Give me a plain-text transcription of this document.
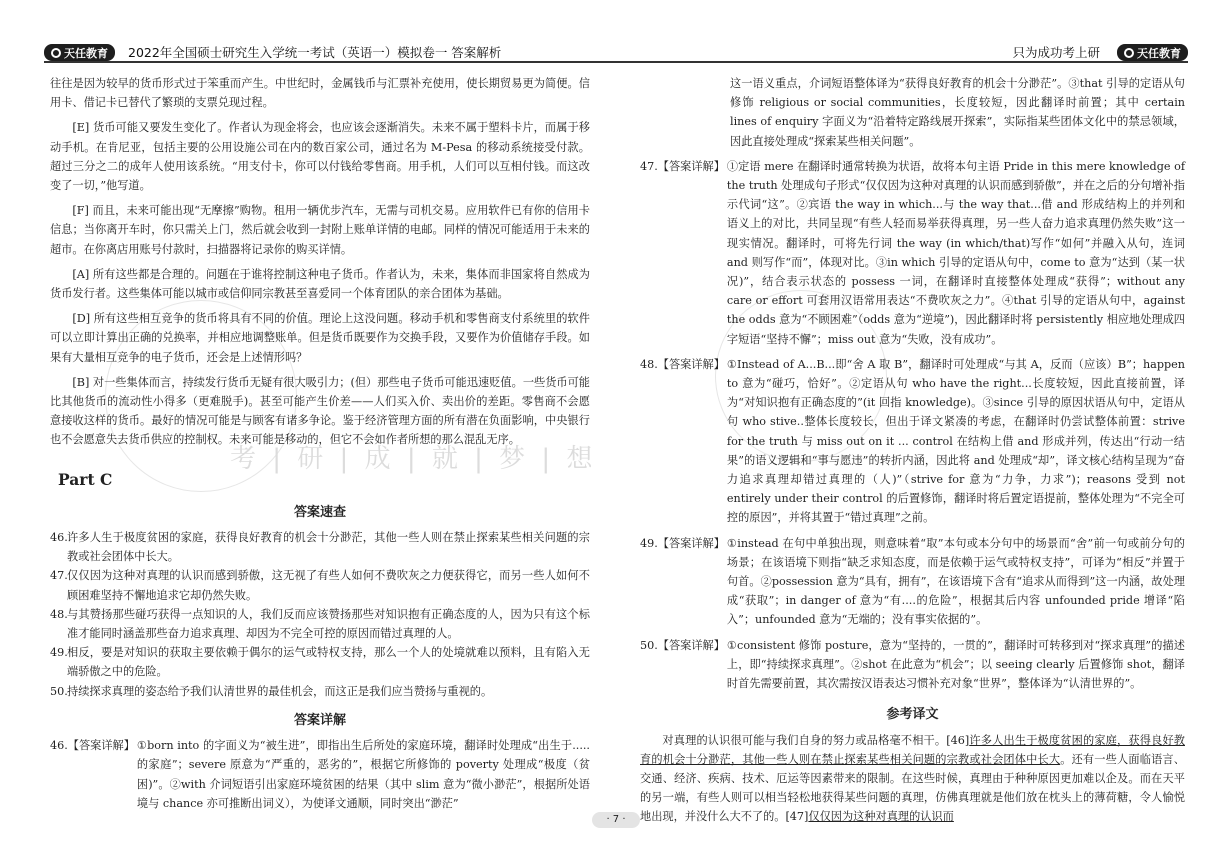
天任教育 2022年全国硕士研究生入学统一考试（英语一）模拟卷一 答案解析	只为成功考上研	天任教育
考 | 研 | 成 | 就 | 梦 | 想

往往是因为较早的货币形式过于笨重而产生。中世纪时，金属钱币与汇票补充使用，使长期贸易更为简便。信用卡、借记卡已替代了繁琐的支票兑现过程。

[E] 货币可能又要发生变化了。作者认为现金将会，也应该会逐渐消失。未来不属于塑料卡片，而属于移动手机。在肯尼亚，包括主要的公用设施公司在内的数百家公司，通过名为 M-Pesa 的移动系统接受付款。超过三分之二的成年人使用该系统。“用支付卡，你可以付钱给零售商。用手机，人们可以互相付钱。而这改变了一切，”他写道。

[F] 而且，未来可能出现“无摩擦”购物。租用一辆优步汽车，无需与司机交易。应用软件已有你的信用卡信息；当你离开车时，你只需关上门，然后就会收到一封附上账单详情的电邮。同样的情况可能适用于未来的超市。在你离店用账号付款时，扫描器将记录你的购买详情。

[A] 所有这些都是合理的。问题在于谁将控制这种电子货币。作者认为，未来，集体而非国家将自然成为货币发行者。这些集体可能以城市或信仰同宗教甚至喜爱同一个体育团队的亲合团体为基础。

[D] 所有这些相互竞争的货币将具有不同的价值。理论上这没问题。移动手机和零售商支付系统里的软件可以立即计算出正确的兑换率，并相应地调整账单。但是货币既要作为交换手段，又要作为价值储存手段。如果有大量相互竞争的电子货币，还会是上述情形吗？

[B] 对一些集体而言，持续发行货币无疑有很大吸引力；(但）那些电子货币可能迅速贬值。一些货币可能比其他货币的流动性小得多（更难脱手)。甚至可能产生价差——人们买入价、卖出价的差距。零售商不会愿意接收这样的货币。最好的情况可能是与顾客有诸多争论。鉴于经济管理方面的所有潜在负面影响，中央银行也不会愿意失去货币供应的控制权。未来可能是移动的，但它不会如作者所想的那么混乱无序。

Part C
答案速查
46. 许多人生于极度贫困的家庭，获得良好教育的机会十分渺茫，其他一些人则在禁止探索某些相关问题的宗教或社会团体中长大。
47. 仅仅因为这种对真理的认识而感到骄傲，这无视了有些人如何不费吹灰之力便获得它，而另一些人如何不顾困难坚持不懈地追求它却仍然失败。
48. 与其赞扬那些碰巧获得一点知识的人，我们反而应该赞扬那些对知识抱有正确态度的人，因为只有这个标准才能同时涵盖那些奋力追求真理、却因为不完全可控的原因而错过真理的人。
49. 相反，要是对知识的获取主要依赖于偶尔的运气或特权支持，那么一个人的处境就难以预料，且有陷入无端骄傲之中的危险。
50. 持续探求真理的姿态给予我们认清世界的最佳机会，而这正是我们应当赞扬与重视的。
答案详解
46.【答案详解】 ①born into 的字面义为“被生进”，即指出生后所处的家庭环境，翻译时处理成“出生于.....的家庭”；severe 原意为“严重的，恶劣的”，根据它所修饰的 poverty 处理成“极度（贫困)”。②with 介词短语引出家庭环境贫困的结果（其中 slim 意为“微小渺茫”，根据所处语境与 chance 亦可推断出词义），为使译文通顺，同时突出“渺茫”

这一语义重点，介词短语整体译为“获得良好教育的机会十分渺茫”。③that 引导的定语从句修饰 religious or social communities，长度较短，因此翻译时前置；其中 certain lines of enquiry 字面义为“沿着特定路线展开探索”，实际指某些团体文化中的禁忌领域，因此直接处理成“探索某些相关问题”。

47.【答案详解】 ①定语 mere 在翻译时通常转换为状语，故将本句主语 Pride in this mere knowledge of the truth 处理成句子形式“仅仅因为这种对真理的认识而感到骄傲”，并在之后的分句增补指示代词“这”。②宾语 the way in which...与 the way that...借 and 形成结构上的并列和语义上的对比，共同呈现“有些人轻而易举获得真理，另一些人奋力追求真理仍然失败”这一现实情况。翻译时，可将先行词 the way (in which/that)写作“如何”并融入从句，连词 and 则写作“而”，体现对比。③in which 引导的定语从句中，come to 意为“达到（某一状况)”，结合表示状态的 possess 一词，在翻译时直接整体处理成“获得”；without any care or effort 可套用汉语常用表达“不费吹灰之力”。④that 引导的定语从句中，against the odds 意为“不顾困难”（odds 意为“逆境”)，因此翻译时将 persistently 相应地处理成四字短语“坚持不懈”；miss out 意为“失败，没有成功”。
48.【答案详解】 ①Instead of A...B...即“舍 A 取 B”，翻译时可处理成“与其 A，反而（应该）B”；happen to 意为“碰巧，恰好”。②定语从句 who have the right...长度较短，因此直接前置，译为“对知识抱有正确态度的”(it 回指 knowledge)。③since 引导的原因状语从句中，定语从句 who stive..整体长度较长，但出于译文紧凑的考虑，在翻译时仍尝试整体前置：strive for the truth 与 miss out on it ... control 在结构上借 and 形成并列，传达出“行动一结果”的语义逻辑和“事与愿违”的转折内涵，因此将 and 处理成“却”，译文核心结构呈现为“奋力追求真理却错过真理的（人)”（strive for 意为“力争，力求”)；reasons 受到 not entirely under their control 的后置修饰，翻译时将后置定语提前，整体处理为“不完全可控的原因”，并将其置于“错过真理”之前。
49.【答案详解】 ①instead 在句中单独出现，则意味着“取”本句或本分句中的场景而“舍”前一句或前分句的场景；在该语境下则指“缺乏求知态度，而是依赖于运气或特权支持”，可译为“相反”并置于句首。②possession 意为“具有，拥有”，在该语境下含有“追求从而得到”这一内涵，故处理成“获取”；in danger of 意为“有....的危险”，根据其后内容 unfounded pride 增译“陷入”；unfounded 意为“无端的；没有事实依据的”。
50.【答案详解】 ①consistent 修饰 posture，意为“坚持的，一贯的”，翻译时可转移到对“探求真理”的描述上，即“持续探求真理”。②shot 在此意为“机会”；以 seeing clearly 后置修饰 shot，翻译时首先需要前置，其次需按汉语表达习惯补充对象“世界”，整体译为“认清世界的”。
参考译文

对真理的认识很可能与我们自身的努力或品格毫不相干。[46]许多人出生于极度贫困的家庭，获得良好教育的机会十分渺茫，其他一些人则在禁止探索某些相关问题的宗教或社会团体中长大。还有一些人面临语言、交通、经济、疾病、技术、厄运等因素带来的限制。在这些时候，真理由于种种原因更加难以企及。而在天平的另一端，有些人则可以相当轻松地获得某些问题的真理，仿佛真理就是他们放在枕头上的薄荷糖，令人愉悦地出现，并没什么大不了的。[47]仅仅因为这种对真理的认识而

· 7 ·
